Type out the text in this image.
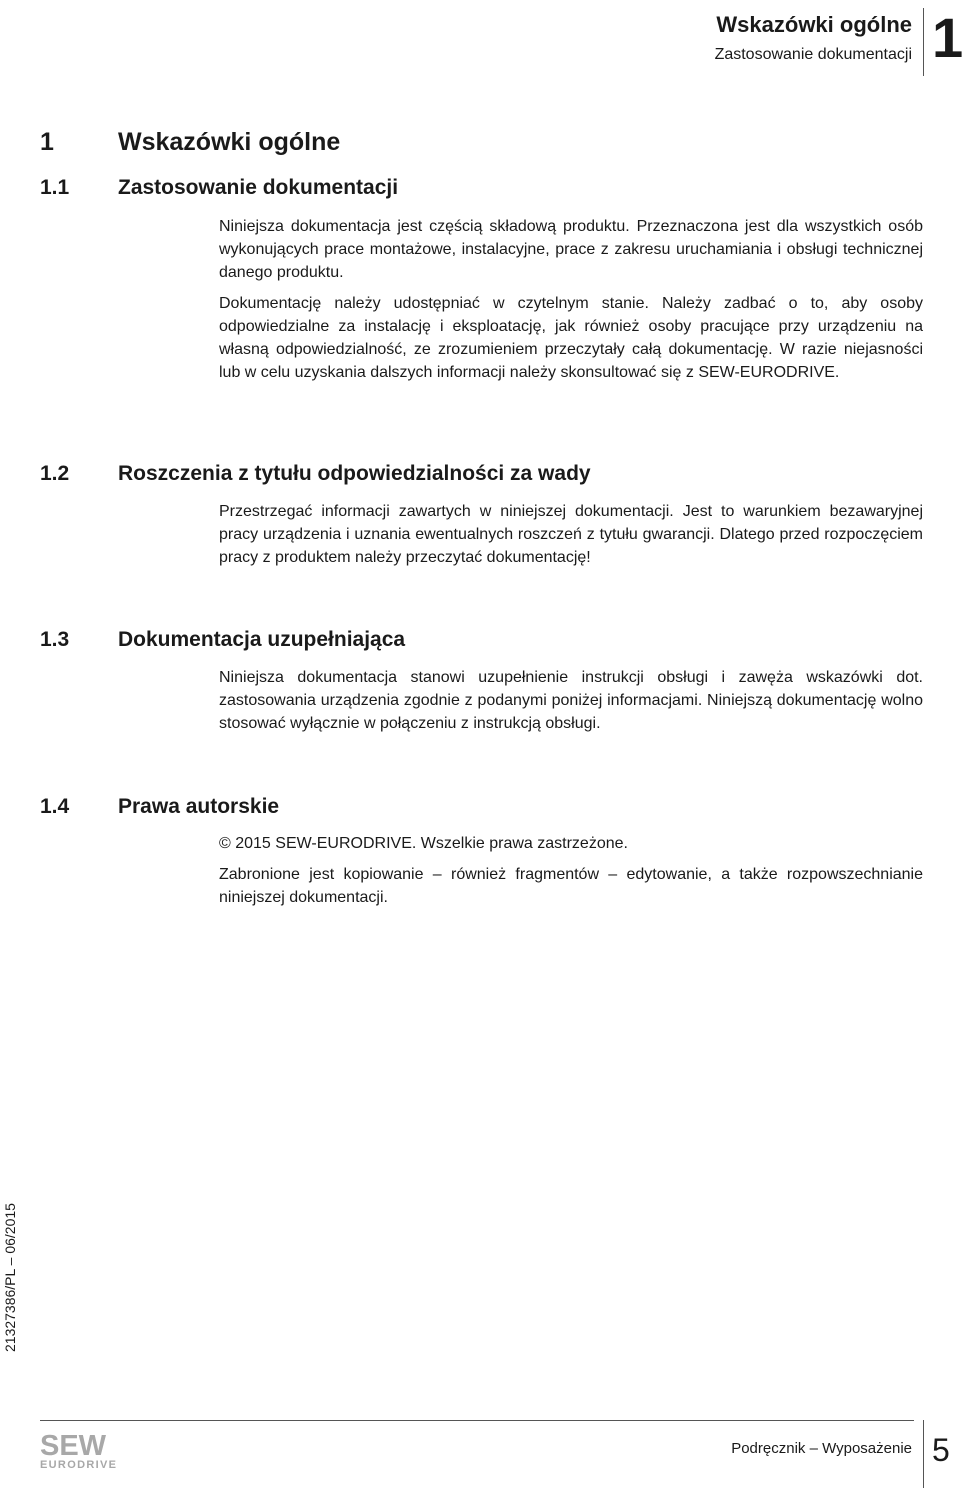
Wskazówki ogólne
Zastosowanie dokumentacji 1
1	Wskazówki ogólne
1.1 Zastosowanie dokumentacji

Niniejsza dokumentacja jest częścią składową produktu. Przeznaczona jest dla wszystkich osób wykonujących prace montażowe, instalacyjne, prace z zakresu uruchamiania i obsługi technicznej danego produktu.

Dokumentację należy udostępniać w czytelnym stanie. Należy zadbać o to, aby osoby odpowiedzialne za instalację i eksploatację, jak również osoby pracujące przy urządzeniu na własną odpowiedzialność, ze zrozumieniem przeczytały całą dokumentację. W razie niejasności lub w celu uzyskania dalszych informacji należy skonsultować się z SEW-EURODRIVE.

1.2 Roszczenia z tytułu odpowiedzialności za wady

Przestrzegać informacji zawartych w niniejszej dokumentacji. Jest to warunkiem bezawaryjnej pracy urządzenia i uznania ewentualnych roszczeń z tytułu gwarancji. Dlatego przed rozpoczęciem pracy z produktem należy przeczytać dokumentację!

1.3 Dokumentacja uzupełniająca

Niniejsza dokumentacja stanowi uzupełnienie instrukcji obsługi i zawęża wskazówki dot. zastosowania urządzenia zgodnie z podanymi poniżej informacjami. Niniejszą dokumentację wolno stosować wyłącznie w połączeniu z instrukcją obsługi.

1.4 Prawa autorskie

© 2015 SEW-EURODRIVE. Wszelkie prawa zastrzeżone.

Zabronione jest kopiowanie – również fragmentów – edytowanie, a także rozpowszechnianie niniejszej dokumentacji.

21327386/PL – 06/2015
SEW
EURODRIVE
Podręcznik – Wyposażenie 5
